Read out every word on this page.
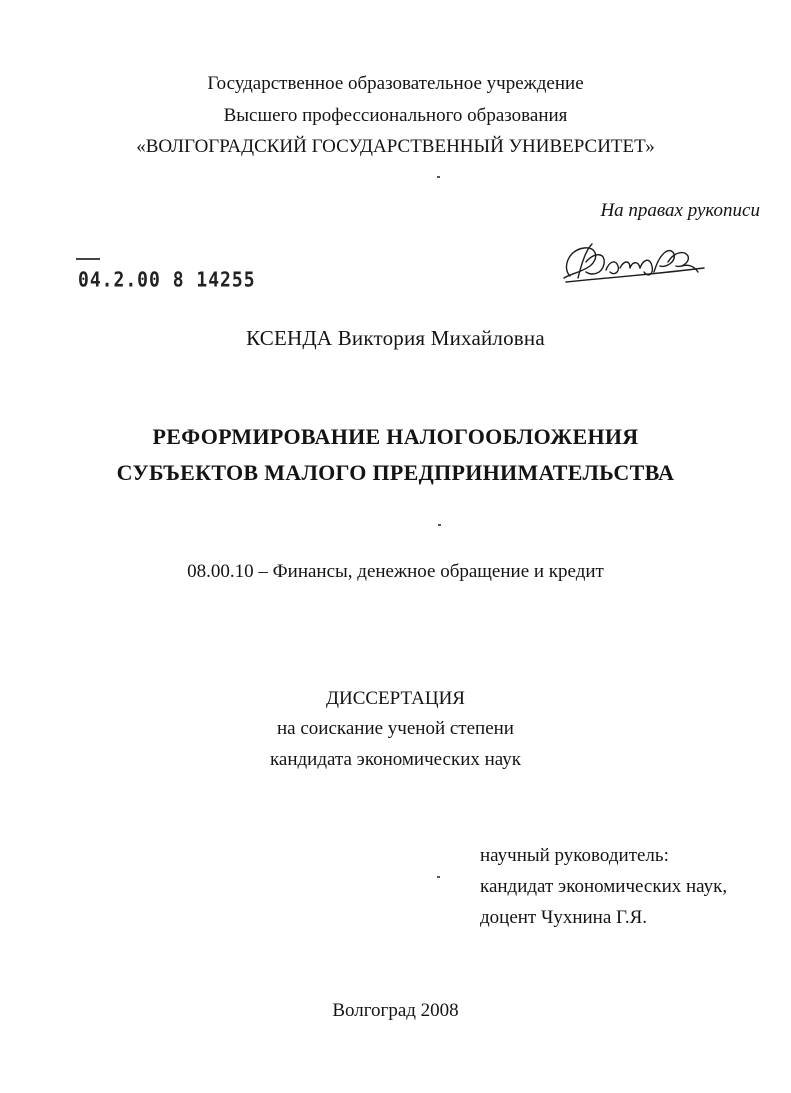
Государственное образовательное учреждение
Высшего профессионального образования
«ВОЛГОГРАДСКИЙ ГОСУДАРСТВЕННЫЙ УНИВЕРСИТЕТ»
На правах рукописи
04.2.00 8 14255
КСЕНДА Виктория Михайловна
РЕФОРМИРОВАНИЕ НАЛОГООБЛОЖЕНИЯ
СУБЪЕКТОВ МАЛОГО ПРЕДПРИНИМАТЕЛЬСТВА
08.00.10 – Финансы, денежное обращение и кредит
ДИССЕРТАЦИЯ
на соискание ученой степени
кандидата экономических наук
научный руководитель:
кандидат экономических наук,
доцент Чухнина Г.Я.
Волгоград 2008
